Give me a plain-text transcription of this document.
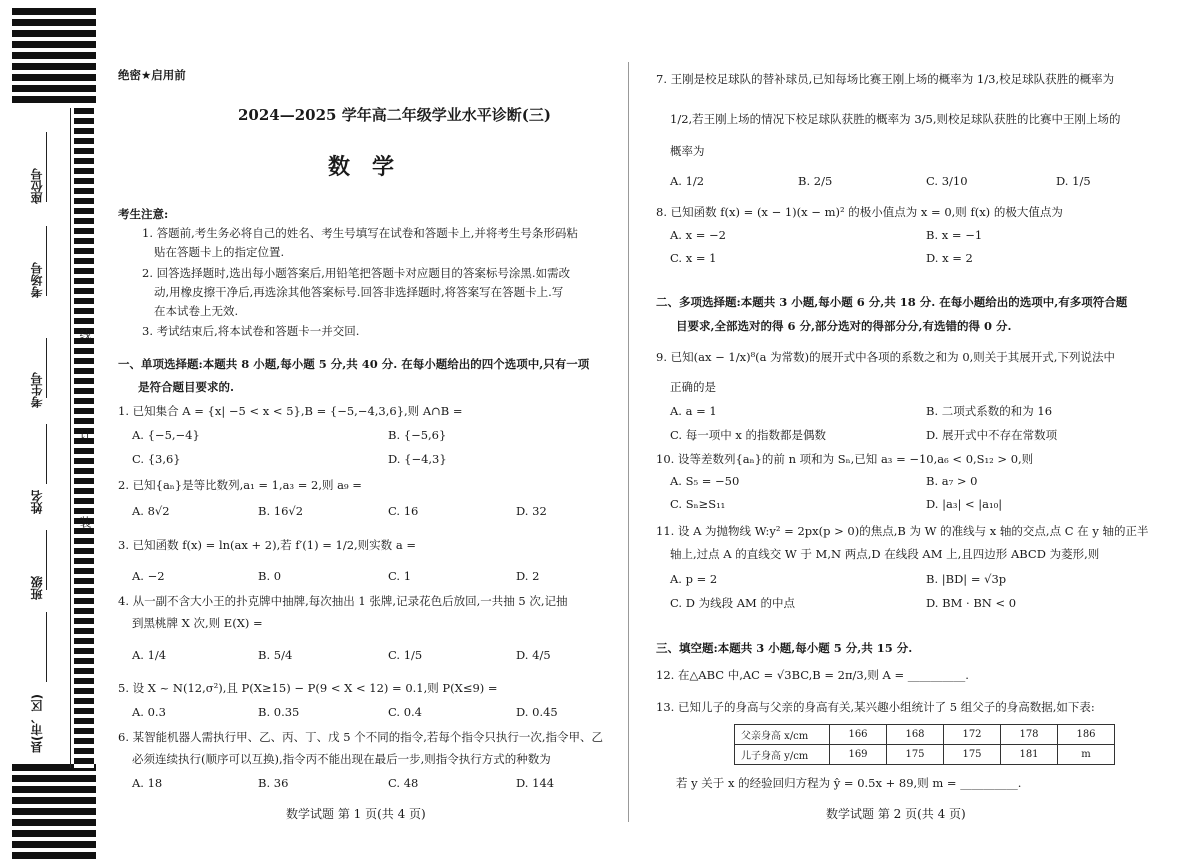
座位号
考场号
考生号
姓名
班级
县(市、区)
线
订
装
绝密★启用前
2024—2025 学年高二年级学业水平诊断(三)
数学
考生注意:
1. 答题前,考生务必将自己的姓名、考生号填写在试卷和答题卡上,并将考生号条形码粘
贴在答题卡上的指定位置.
2. 回答选择题时,选出每小题答案后,用铅笔把答题卡对应题目的答案标号涂黑.如需改
动,用橡皮擦干净后,再选涂其他答案标号.回答非选择题时,将答案写在答题卡上.写
在本试卷上无效.
3. 考试结束后,将本试卷和答题卡一并交回.
一、单项选择题:本题共 8 小题,每小题 5 分,共 40 分. 在每小题给出的四个选项中,只有一项
是符合题目要求的.
1. 已知集合 A = {x| −5 < x < 5},B = {−5,−4,3,6},则 A∩B =
A. {−5,−4}	B. {−5,6}
C. {3,6}	D. {−4,3}
2. 已知{aₙ}是等比数列,a₁ = 1,a₃ = 2,则 a₉ =
A. 8√2	B. 16√2	C. 16	D. 32
3. 已知函数 f(x) = ln(ax + 2),若 f′(1) = 1/2,则实数 a =
A. −2	B. 0	C. 1	D. 2
4. 从一副不含大小王的扑克牌中抽牌,每次抽出 1 张牌,记录花色后放回,一共抽 5 次,记抽
到黑桃牌 X 次,则 E(X) =
A. 1/4	B. 5/4	C. 1/5	D. 4/5
5. 设 X ~ N(12,σ²),且 P(X≥15) − P(9 < X < 12) = 0.1,则 P(X≤9) =
A. 0.3	B. 0.35	C. 0.4	D. 0.45
6. 某智能机器人需执行甲、乙、丙、丁、戊 5 个不同的指令,若每个指令只执行一次,指令甲、乙
必须连续执行(顺序可以互换),指令丙不能出现在最后一步,则指令执行方式的种数为
A. 18	B. 36	C. 48	D. 144
数学试题 第 1 页(共 4 页)
7. 王刚是校足球队的替补球员,已知每场比赛王刚上场的概率为 1/3,校足球队获胜的概率为
1/2,若王刚上场的情况下校足球队获胜的概率为 3/5,则校足球队获胜的比赛中王刚上场的
概率为
A. 1/2	B. 2/5	C. 3/10	D. 1/5
8. 已知函数 f(x) = (x − 1)(x − m)² 的极小值点为 x = 0,则 f(x) 的极大值点为
A. x = −2	B. x = −1
C. x = 1	D. x = 2
二、多项选择题:本题共 3 小题,每小题 6 分,共 18 分. 在每小题给出的选项中,有多项符合题
目要求,全部选对的得 6 分,部分选对的得部分分,有选错的得 0 分.
9. 已知(ax − 1/x)⁸(a 为常数)的展开式中各项的系数之和为 0,则关于其展开式,下列说法中
正确的是
A. a = 1	B. 二项式系数的和为 16
C. 每一项中 x 的指数都是偶数	D. 展开式中不存在常数项
10. 设等差数列{aₙ}的前 n 项和为 Sₙ,已知 a₃ = −10,a₆ < 0,S₁₂ > 0,则
A. S₅ = −50	B. a₇ > 0
C. Sₙ≥S₁₁	D. |a₃| < |a₁₀|
11. 设 A 为抛物线 W:y² = 2px(p > 0)的焦点,B 为 W 的准线与 x 轴的交点,点 C 在 y 轴的正半
轴上,过点 A 的直线交 W 于 M,N 两点,D 在线段 AM 上,且四边形 ABCD 为菱形,则
A. p = 2	B. |BD| = √3p
C. D 为线段 AM 的中点	D. BM · BN < 0
三、填空题:本题共 3 小题,每小题 5 分,共 15 分.
12. 在△ABC 中,AC = √3BC,B = 2π/3,则 A = __________.
13. 已知儿子的身高与父亲的身高有关,某兴趣小组统计了 5 组父子的身高数据,如下表:
父亲身高 x/cm	166	168	172	178	186
儿子身高 y/cm	169	175	175	181	m
若 y 关于 x 的经验回归方程为 ŷ = 0.5x + 89,则 m = __________.
数学试题 第 2 页(共 4 页)
